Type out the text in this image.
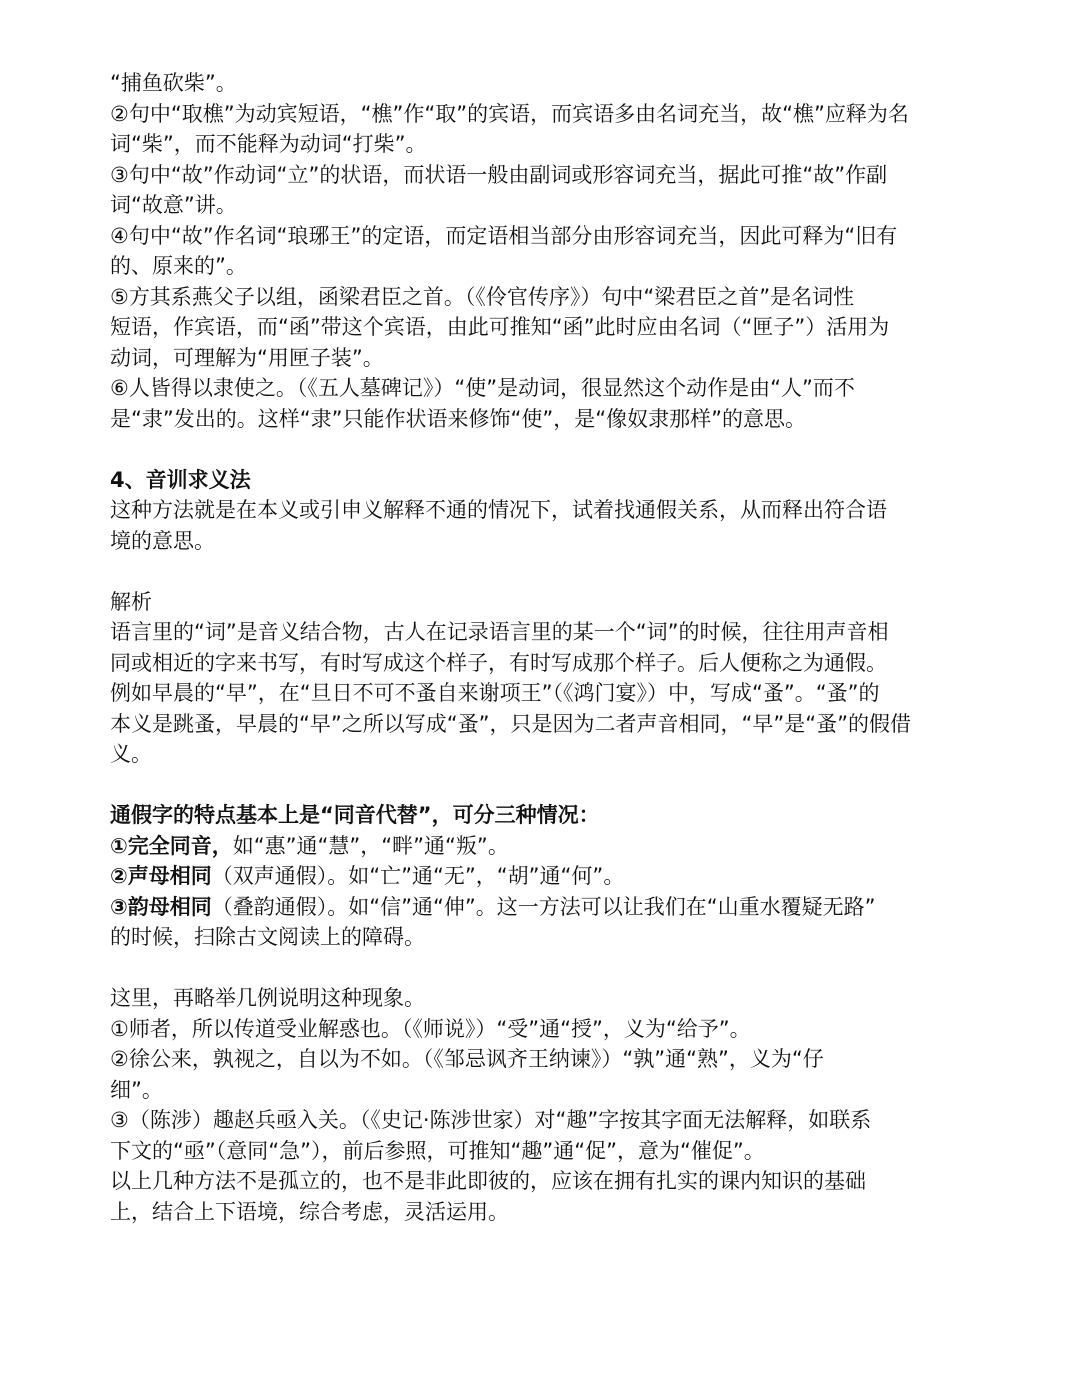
“捕鱼砍柴”。
②句中“取樵”为动宾短语，“樵”作“取”的宾语，而宾语多由名词充当，故“樵”应释为名
词“柴”，而不能释为动词“打柴”。
③句中“故”作动词“立”的状语，而状语一般由副词或形容词充当，据此可推“故”作副
词“故意”讲。
④句中“故”作名词“琅琊王”的定语，而定语相当部分由形容词充当，因此可释为“旧有
的、原来的”。
⑤方其系燕父子以组，函梁君臣之首。（《伶官传序》）句中“梁君臣之首”是名词性
短语，作宾语，而“函”带这个宾语，由此可推知“函”此时应由名词（“匣子”）活用为
动词，可理解为“用匣子装”。
⑥人皆得以隶使之。（《五人墓碑记》）“使”是动词，很显然这个动作是由“人”而不
是“隶”发出的。这样“隶”只能作状语来修饰“使”，是“像奴隶那样”的意思。
4、音训求义法
这种方法就是在本义或引申义解释不通的情况下，试着找通假关系，从而释出符合语
境的意思。
解析
语言里的“词”是音义结合物，古人在记录语言里的某一个“词”的时候，往往用声音相
同或相近的字来书写，有时写成这个样子，有时写成那个样子。后人便称之为通假。
例如早晨的“早”，在“旦日不可不蚤自来谢项王”（《鸿门宴》）中，写成“蚤”。“蚤”的
本义是跳蚤，早晨的“早”之所以写成“蚤”，只是因为二者声音相同，“早”是“蚤”的假借
义。
通假字的特点基本上是“同音代替”，可分三种情况：
①完全同音，如“惠”通“慧”，“畔”通“叛”。
②声母相同（双声通假）。如“亡”通“无”，“胡”通“何”。
③韵母相同（叠韵通假）。如“信”通“伸”。这一方法可以让我们在“山重水覆疑无路”
的时候，扫除古文阅读上的障碍。
这里，再略举几例说明这种现象。
①师者，所以传道受业解惑也。（《师说》）“受”通“授”，义为“给予”。
②徐公来，孰视之，自以为不如。（《邹忌讽齐王纳谏》）“孰”通“熟”，义为“仔
细”。
③（陈涉）趣赵兵亟入关。（《史记·陈涉世家）对“趣”字按其字面无法解释，如联系
下文的“亟”（意同“急”），前后参照，可推知“趣”通“促”，意为“催促”。
以上几种方法不是孤立的，也不是非此即彼的，应该在拥有扎实的课内知识的基础
上，结合上下语境，综合考虑，灵活运用。
